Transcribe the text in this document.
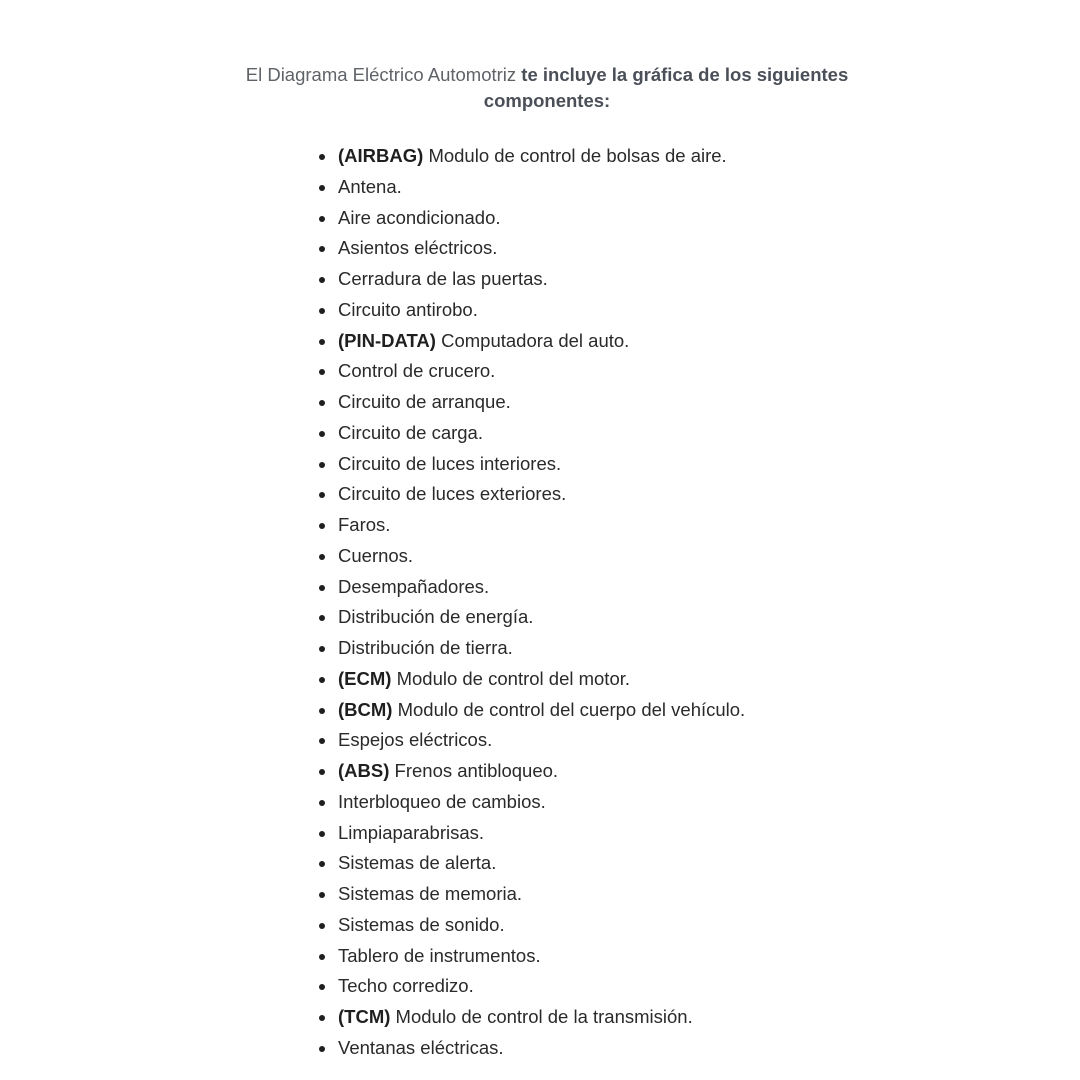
El Diagrama Eléctrico Automotriz te incluye la gráfica de los siguientes componentes:

(AIRBAG) Modulo de control de bolsas de aire.
Antena.
Aire acondicionado.
Asientos eléctricos.
Cerradura de las puertas.
Circuito antirobo.
(PIN-DATA) Computadora del auto.
Control de crucero.
Circuito de arranque.
Circuito de carga.
Circuito de luces interiores.
Circuito de luces exteriores.
Faros.
Cuernos.
Desempañadores.
Distribución de energía.
Distribución de tierra.
(ECM) Modulo de control del motor.
(BCM) Modulo de control del cuerpo del vehículo.
Espejos eléctricos.
(ABS) Frenos antibloqueo.
Interbloqueo de cambios.
Limpiaparabrisas.
Sistemas de alerta.
Sistemas de memoria.
Sistemas de sonido.
Tablero de instrumentos.
Techo corredizo.
(TCM) Modulo de control de la transmisión.
Ventanas eléctricas.
